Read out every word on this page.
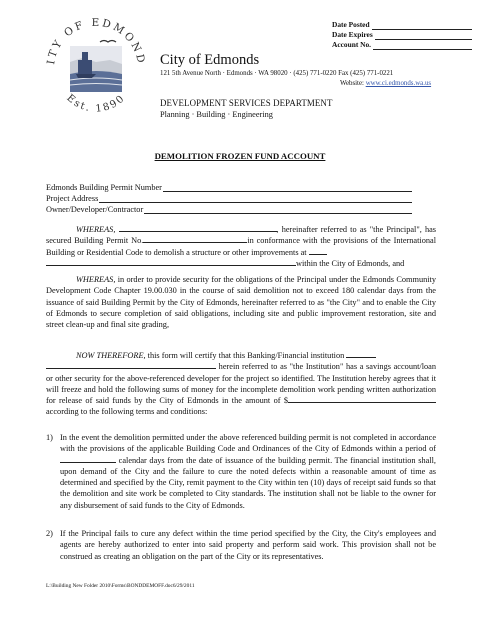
ITY OF EDMOND
Est. 1890
Date Posted
Date Expires
Account No.
City of Edmonds
121 5th Avenue North · Edmonds · WA 98020 · (425) 771-0220 Fax (425) 771-0221
Website: www.ci.edmonds.wa.us
DEVELOPMENT SERVICES DEPARTMENT
Planning · Building · Engineering
DEMOLITION FROZEN FUND ACCOUNT
Edmonds Building Permit Number
Project Address
Owner/Developer/Contractor
WHEREAS,	, hereinafter referred to as "the Principal", has secured Building Permit No.	in conformance with the provisions of the International Building or Residential Code to demolish a structure or other improvements at
within the City of Edmonds, and
WHEREAS, in order to provide security for the obligations of the Principal under the Edmonds Community Development Code Chapter 19.00.030 in the course of said demolition not to exceed 180 calendar days from the issuance of said Building Permit by the City of Edmonds, hereinafter referred to as "the City" and to enable the City of Edmonds to secure completion of said obligations, including site and public improvement restoration, site and street clean-up and final site grading,
NOW THEREFORE, this form will certify that this Banking/Financial institution
herein referred to as "the Institution" has a savings account/loan or other security for the above-referenced developer for the project so identified. The Institution hereby agrees that it will freeze and hold the following sums of money for the incomplete demolition work pending written authorization for release of said funds by the City of Edmonds in the amount of $according to the following terms and conditions:
1) In the event the demolition permitted under the above referenced building permit is not completed in accordance with the provisions of the applicable Building Code and Ordinances of the City of Edmonds within a period of  calendar days from the date of issuance of the building permit. The financial institution shall, upon demand of the City and the failure to cure the noted defects within a reasonable amount of time as determined and specified by the City, remit payment to the City within ten (10) days of receipt said funds so that the demolition and site work be completed to City standards. The institution shall not be liable to the owner for any disbursement of said funds to the City of Edmonds.
2) If the Principal fails to cure any defect within the time period specified by the City, the City's employees and agents are hereby authorized to enter into said property and perform said work. This provision shall not be construed as creating an obligation on the part of the City or its representatives.
L:\Building New Folder 2010\Forms\BONDDEMOFF.doc6/29/2011
